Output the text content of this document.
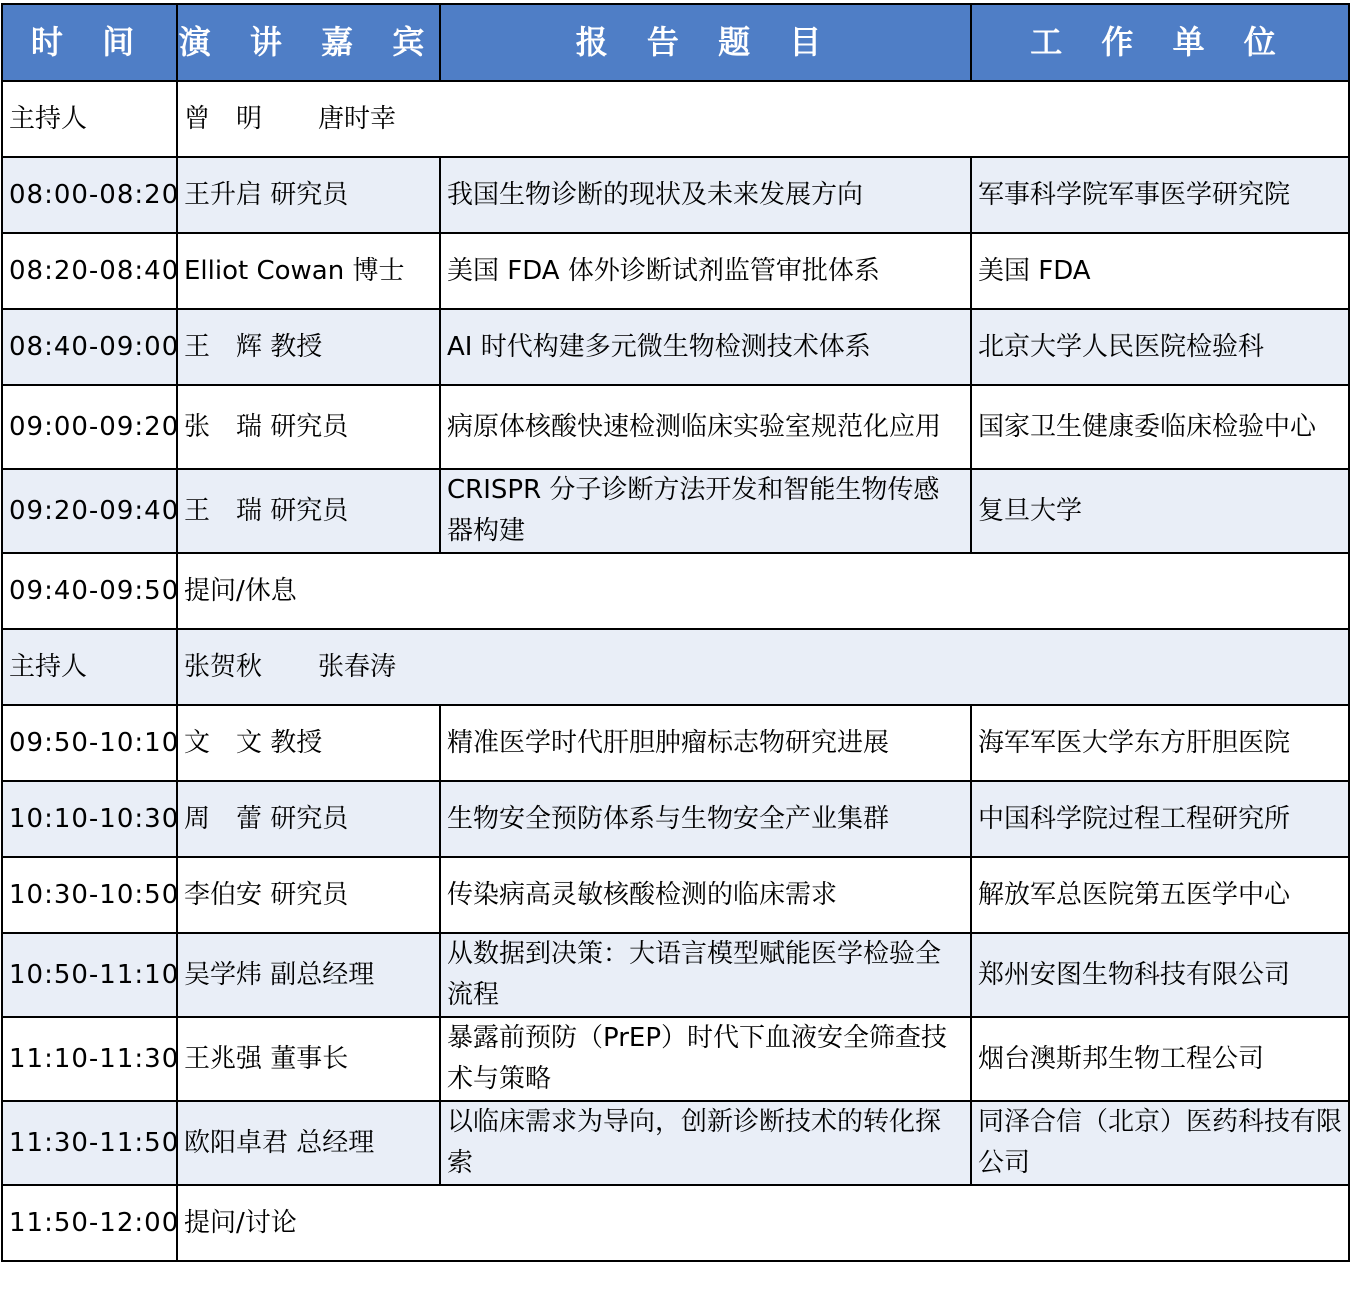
时 间	演 讲 嘉 宾	报 告 题 目	工 作 单 位
主持人	曾　明 唐时幸		
08:00-08:20	王升启 研究员	我国生物诊断的现状及未来发展方向	军事科学院军事医学研究院
08:20-08:40	Elliot Cowan 博士	美国 FDA 体外诊断试剂监管审批体系	美国 FDA
08:40-09:00	王　辉 教授	AI 时代构建多元微生物检测技术体系	北京大学人民医院检验科
09:00-09:20	张　瑞 研究员	病原体核酸快速检测临床实验室规范化应用	国家卫生健康委临床检验中心
09:20-09:40	王　瑞 研究员	CRISPR 分子诊断方法开发和智能生物传感器构建	复旦大学
09:40-09:50	提问/休息		
主持人	张贺秋 张春涛		
09:50-10:10	文　文 教授	精准医学时代肝胆肿瘤标志物研究进展	海军军医大学东方肝胆医院
10:10-10:30	周　蕾 研究员	生物安全预防体系与生物安全产业集群	中国科学院过程工程研究所
10:30-10:50	李伯安 研究员	传染病高灵敏核酸检测的临床需求	解放军总医院第五医学中心
10:50-11:10	吴学炜 副总经理	从数据到决策：大语言模型赋能医学检验全流程	郑州安图生物科技有限公司
11:10-11:30	王兆强 董事长	暴露前预防（PrEP）时代下血液安全筛查技术与策略	烟台澳斯邦生物工程公司
11:30-11:50	欧阳卓君 总经理	以临床需求为导向，创新诊断技术的转化探索	同泽合信（北京）医药科技有限公司
11:50-12:00	提问/讨论		
